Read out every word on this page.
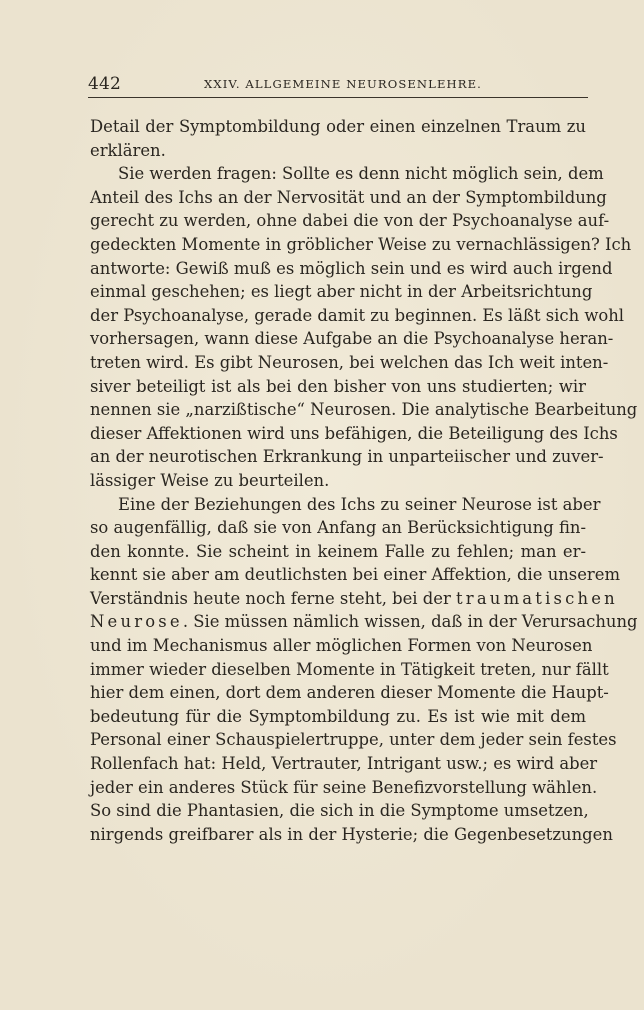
442	XXIV. ALLGEMEINE NEUROSENLEHRE.
Detail der Symptombildung oder einen einzelnen Traum zu
erklären.
Sie werden fragen: Sollte es denn nicht möglich sein, dem
Anteil des Ichs an der Nervosität und an der Symptombildung
gerecht zu werden, ohne dabei die von der Psychoanalyse auf-
gedeckten Momente in gröblicher Weise zu vernachlässigen? Ich
antworte: Gewiß muß es möglich sein und es wird auch irgend
einmal geschehen; es liegt aber nicht in der Arbeitsrichtung
der Psychoanalyse, gerade damit zu beginnen. Es läßt sich wohl
vorhersagen, wann diese Aufgabe an die Psychoanalyse heran-
treten wird. Es gibt Neurosen, bei welchen das Ich weit inten-
siver beteiligt ist als bei den bisher von uns studierten; wir
nennen sie „narzißtische“ Neurosen. Die analytische Bearbeitung
dieser Affektionen wird uns befähigen, die Beteiligung des Ichs
an der neurotischen Erkrankung in unparteiischer und zuver-
lässiger Weise zu beurteilen.
Eine der Beziehungen des Ichs zu seiner Neurose ist aber
so augenfällig, daß sie von Anfang an Berücksichtigung fin-
den konnte. Sie scheint in keinem Falle zu fehlen; man er-
kennt sie aber am deutlichsten bei einer Affektion, die unserem
Verständnis heute noch ferne steht, bei der traumatischen
Neurose. Sie müssen nämlich wissen, daß in der Verursachung
und im Mechanismus aller möglichen Formen von Neurosen
immer wieder dieselben Momente in Tätigkeit treten, nur fällt
hier dem einen, dort dem anderen dieser Momente die Haupt-
bedeutung für die Symptombildung zu. Es ist wie mit dem
Personal einer Schauspielertruppe, unter dem jeder sein festes
Rollenfach hat: Held, Vertrauter, Intrigant usw.; es wird aber
jeder ein anderes Stück für seine Benefizvorstellung wählen.
So sind die Phantasien, die sich in die Symptome umsetzen,
nirgends greifbarer als in der Hysterie; die Gegenbesetzungen
